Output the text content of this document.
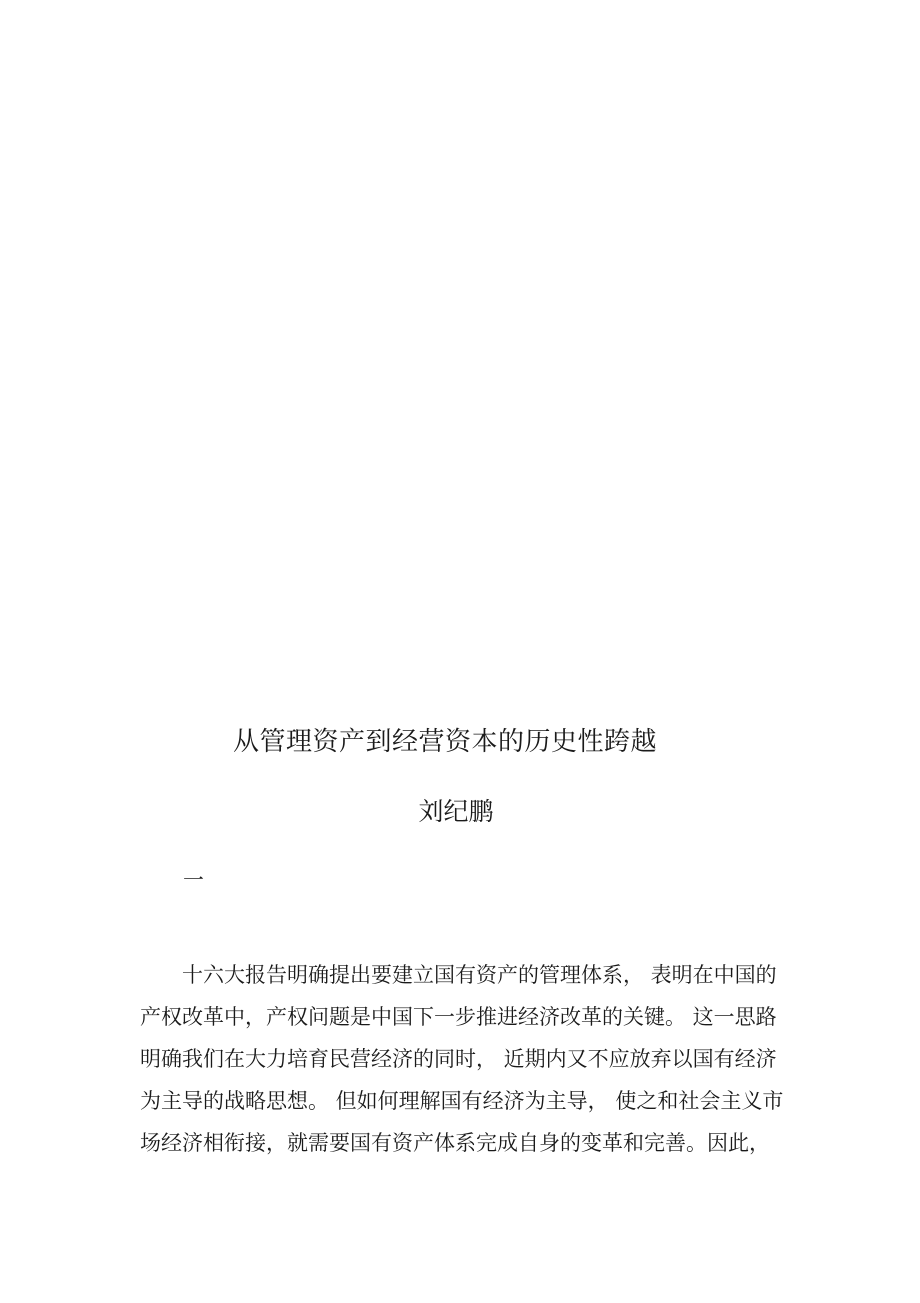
从管理资产到经营资本的历史性跨越
刘纪鹏
一
十六大报告明确提出要建立国有资产的管理体系， 表明在中国的
产权改革中，产权问题是中国下一步推进经济改革的关键。 这一思路
明确我们在大力培育民营经济的同时， 近期内又不应放弃以国有经济
为主导的战略思想。 但如何理解国有经济为主导， 使之和社会主义市
场经济相衔接，就需要国有资产体系完成自身的变革和完善。因此，
